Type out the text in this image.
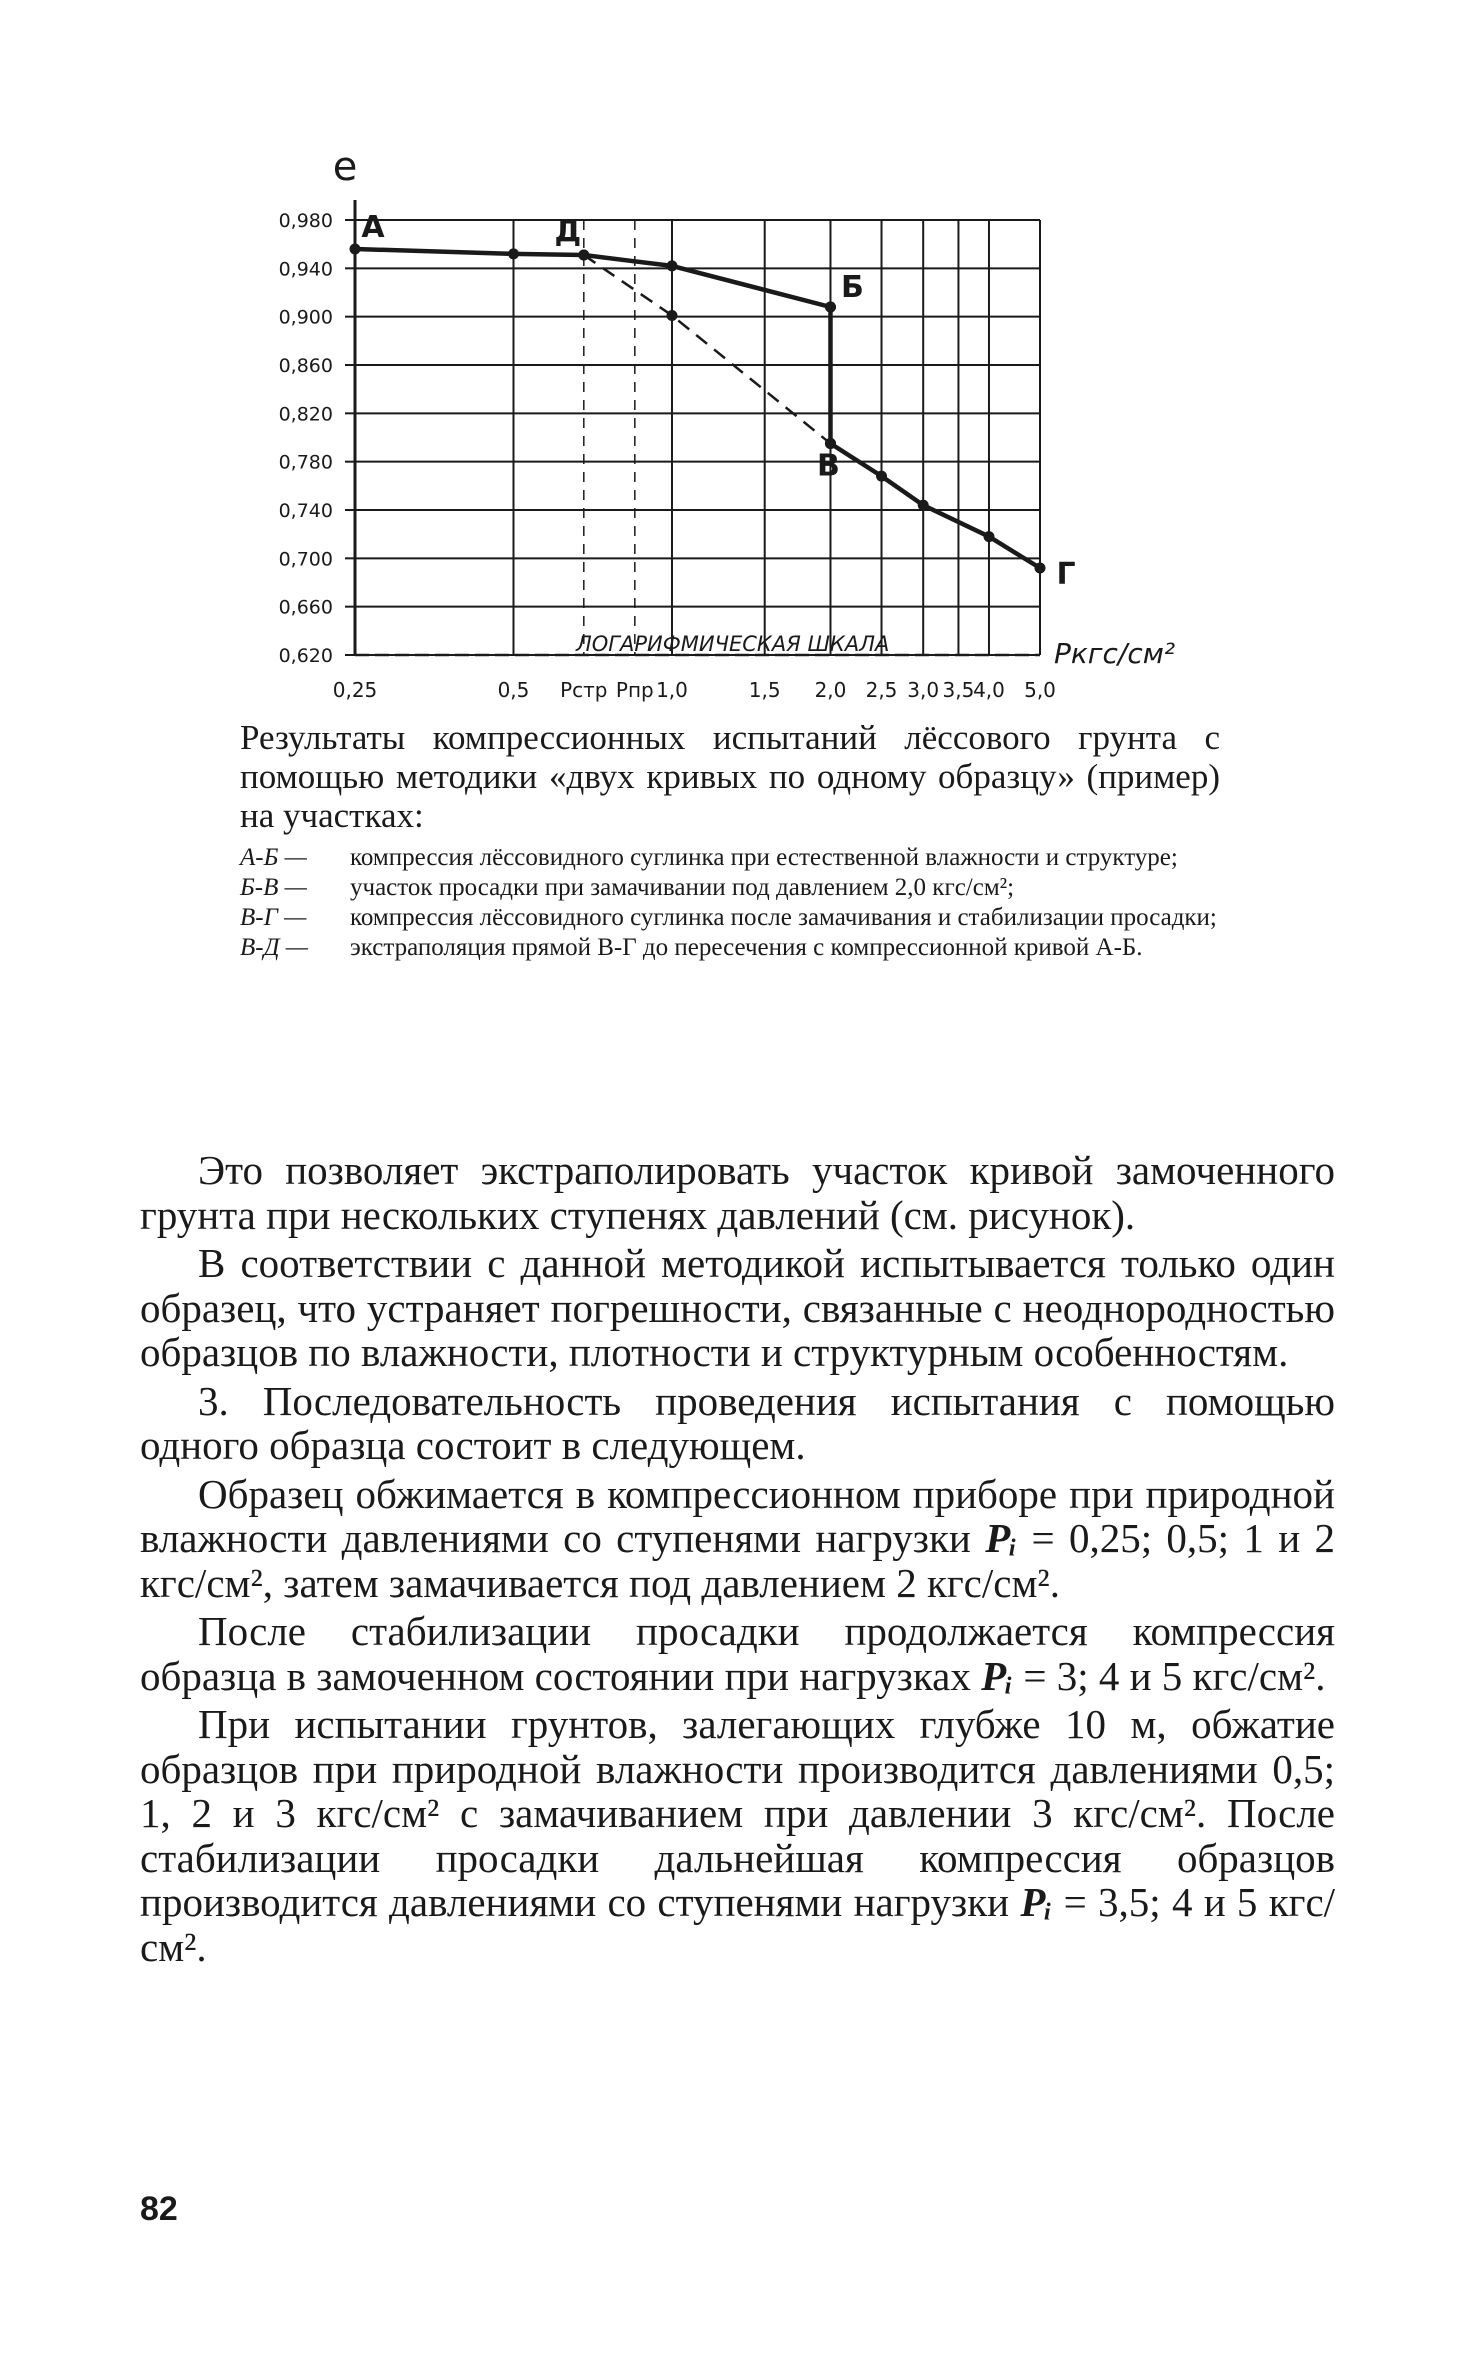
0,980
0,940
0,900
0,860
0,820
0,780
0,740
0,700
0,660
0,620
0,25	0,5 Pстр Pпр 1,0	1,5 2,0 2,5 3,0 3,5
4,0 5,0
e
Pкгс/см²
ЛОГАРИФМИЧЕСКАЯ ШКАЛА
А	Д
Б
В
Г

Результаты компрессионных испытаний лёссового грунта с помощью методики «двух кривых по одному образцу» (пример) на участках:

А-Б —	компрессия лёссовидного суглинка при естественной влажности и структуре;
Б-В —	участок просадки при замачивании под давлением 2,0 кгс/см²;
В-Г —	компрессия лёссовидного суглинка после замачивания и стабилизации просадки;
В-Д —	экстраполяция прямой В-Г до пересечения с компрессионной кривой А-Б.

Это позволяет экстраполировать участок кривой замоченного грунта при нескольких ступенях давлений (см. рисунок).

В соответствии с данной методикой испытывается только один образец, что устраняет погрешности, связанные с неоднородностью образцов по влажности, плотности и структурным особенностям.

3. Последовательность проведения испытания с помощью одного образца состоит в следующем.

Образец обжимается в компрессионном приборе при природной влажности давлениями со ступенями нагрузки Pᵢ = 0,25; 0,5; 1 и 2 кгс/см², затем замачивается под давлением 2 кгс/см².

После стабилизации просадки продолжается компрессия образца в замоченном состоянии при нагрузках Pᵢ = 3; 4 и 5 кгс/см².

При испытании грунтов, залегающих глубже 10 м, обжатие образцов при природной влажности производится давлениями 0,5; 1, 2 и 3 кгс/см² с замачиванием при давлении 3 кгс/см². После стабилизации просадки дальнейшая компрессия образцов производится давлениями со ступенями нагрузки Pᵢ = 3,5; 4 и 5 кгс/см².

82
